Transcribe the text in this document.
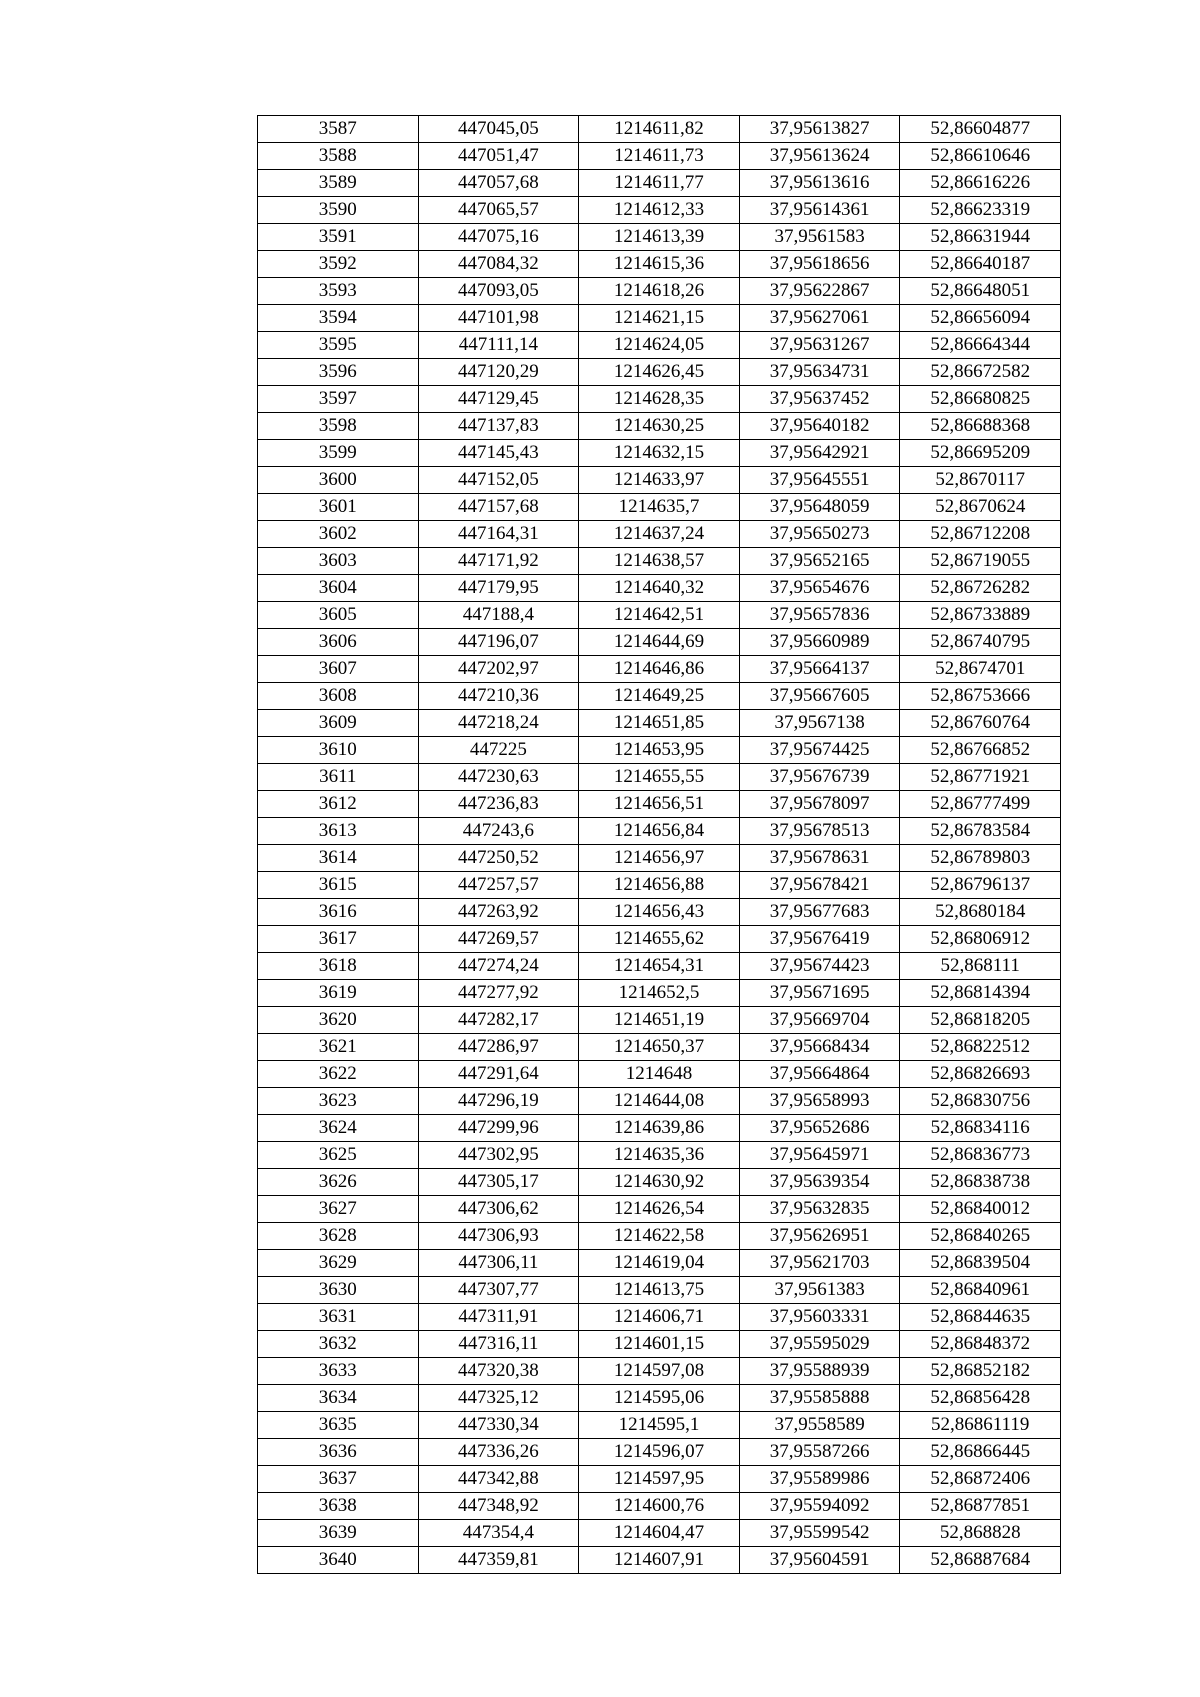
3587	447045,05	1214611,82	37,95613827	52,86604877
3588	447051,47	1214611,73	37,95613624	52,86610646
3589	447057,68	1214611,77	37,95613616	52,86616226
3590	447065,57	1214612,33	37,95614361	52,86623319
3591	447075,16	1214613,39	37,9561583	52,86631944
3592	447084,32	1214615,36	37,95618656	52,86640187
3593	447093,05	1214618,26	37,95622867	52,86648051
3594	447101,98	1214621,15	37,95627061	52,86656094
3595	447111,14	1214624,05	37,95631267	52,86664344
3596	447120,29	1214626,45	37,95634731	52,86672582
3597	447129,45	1214628,35	37,95637452	52,86680825
3598	447137,83	1214630,25	37,95640182	52,86688368
3599	447145,43	1214632,15	37,95642921	52,86695209
3600	447152,05	1214633,97	37,95645551	52,8670117
3601	447157,68	1214635,7	37,95648059	52,8670624
3602	447164,31	1214637,24	37,95650273	52,86712208
3603	447171,92	1214638,57	37,95652165	52,86719055
3604	447179,95	1214640,32	37,95654676	52,86726282
3605	447188,4	1214642,51	37,95657836	52,86733889
3606	447196,07	1214644,69	37,95660989	52,86740795
3607	447202,97	1214646,86	37,95664137	52,8674701
3608	447210,36	1214649,25	37,95667605	52,86753666
3609	447218,24	1214651,85	37,9567138	52,86760764
3610	447225	1214653,95	37,95674425	52,86766852
3611	447230,63	1214655,55	37,95676739	52,86771921
3612	447236,83	1214656,51	37,95678097	52,86777499
3613	447243,6	1214656,84	37,95678513	52,86783584
3614	447250,52	1214656,97	37,95678631	52,86789803
3615	447257,57	1214656,88	37,95678421	52,86796137
3616	447263,92	1214656,43	37,95677683	52,8680184
3617	447269,57	1214655,62	37,95676419	52,86806912
3618	447274,24	1214654,31	37,95674423	52,868111
3619	447277,92	1214652,5	37,95671695	52,86814394
3620	447282,17	1214651,19	37,95669704	52,86818205
3621	447286,97	1214650,37	37,95668434	52,86822512
3622	447291,64	1214648	37,95664864	52,86826693
3623	447296,19	1214644,08	37,95658993	52,86830756
3624	447299,96	1214639,86	37,95652686	52,86834116
3625	447302,95	1214635,36	37,95645971	52,86836773
3626	447305,17	1214630,92	37,95639354	52,86838738
3627	447306,62	1214626,54	37,95632835	52,86840012
3628	447306,93	1214622,58	37,95626951	52,86840265
3629	447306,11	1214619,04	37,95621703	52,86839504
3630	447307,77	1214613,75	37,9561383	52,86840961
3631	447311,91	1214606,71	37,95603331	52,86844635
3632	447316,11	1214601,15	37,95595029	52,86848372
3633	447320,38	1214597,08	37,95588939	52,86852182
3634	447325,12	1214595,06	37,95585888	52,86856428
3635	447330,34	1214595,1	37,9558589	52,86861119
3636	447336,26	1214596,07	37,95587266	52,86866445
3637	447342,88	1214597,95	37,95589986	52,86872406
3638	447348,92	1214600,76	37,95594092	52,86877851
3639	447354,4	1214604,47	37,95599542	52,868828
3640	447359,81	1214607,91	37,95604591	52,86887684
